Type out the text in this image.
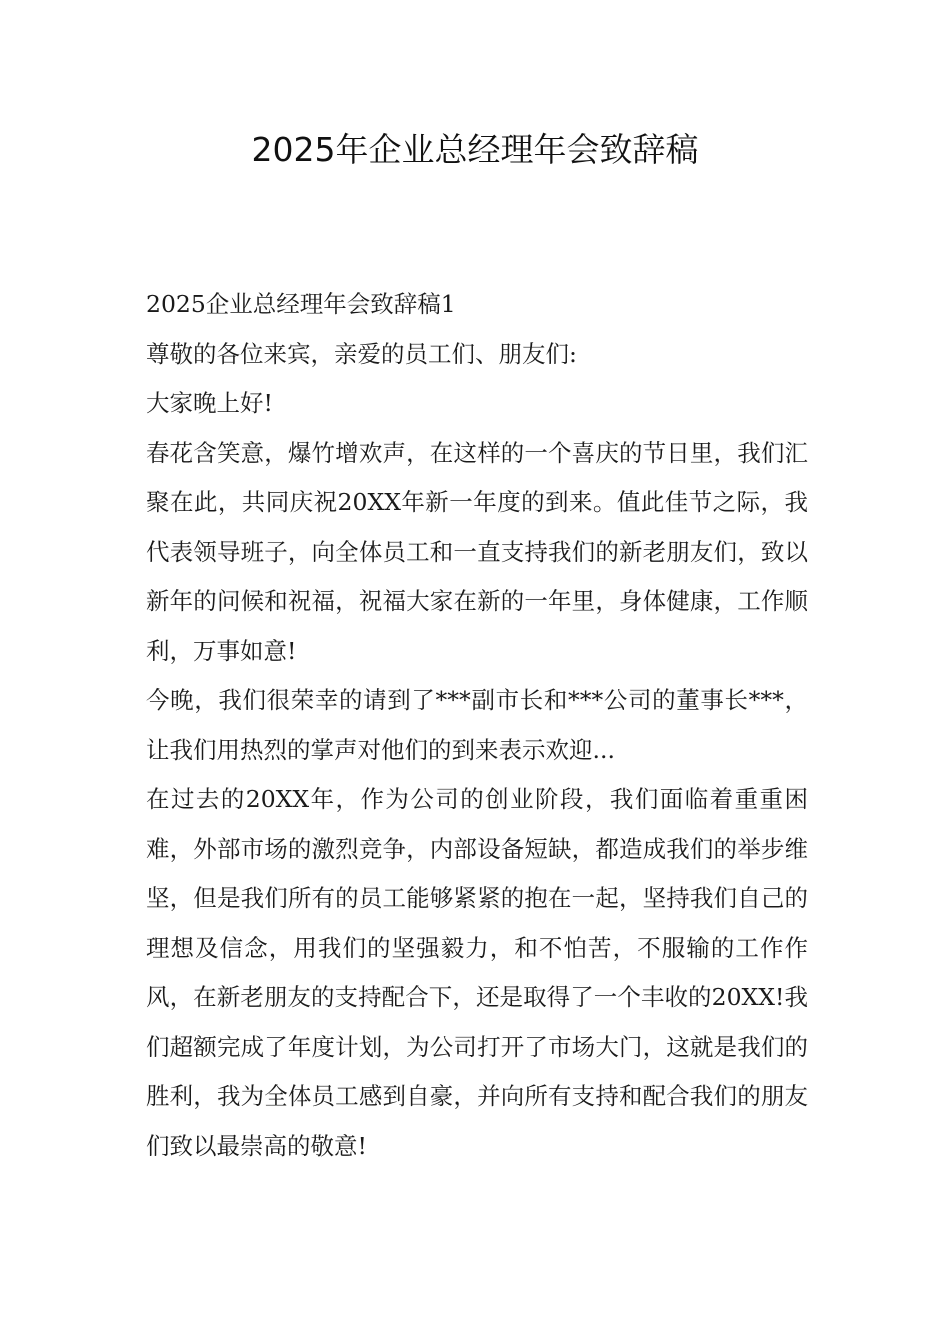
2025年企业总经理年会致辞稿

2025企业总经理年会致辞稿1

尊敬的各位来宾，亲爱的员工们、朋友们:

大家晚上好!

春花含笑意，爆竹增欢声，在这样的一个喜庆的节日里，我们汇聚在此，共同庆祝20XX年新一年度的到来。值此佳节之际，我代表领导班子，向全体员工和一直支持我们的新老朋友们，致以新年的问候和祝福，祝福大家在新的一年里，身体健康，工作顺利，万事如意!

今晚，我们很荣幸的请到了***副市长和***公司的董事长***，让我们用热烈的掌声对他们的到来表示欢迎...

在过去的20XX年，作为公司的创业阶段，我们面临着重重困难，外部市场的激烈竞争，内部设备短缺，都造成我们的举步维坚，但是我们所有的员工能够紧紧的抱在一起，坚持我们自己的理想及信念，用我们的坚强毅力，和不怕苦，不服输的工作作风，在新老朋友的支持配合下，还是取得了一个丰收的20XX!我们超额完成了年度计划，为公司打开了市场大门，这就是我们的胜利，我为全体员工感到自豪，并向所有支持和配合我们的朋友们致以最崇高的敬意!
